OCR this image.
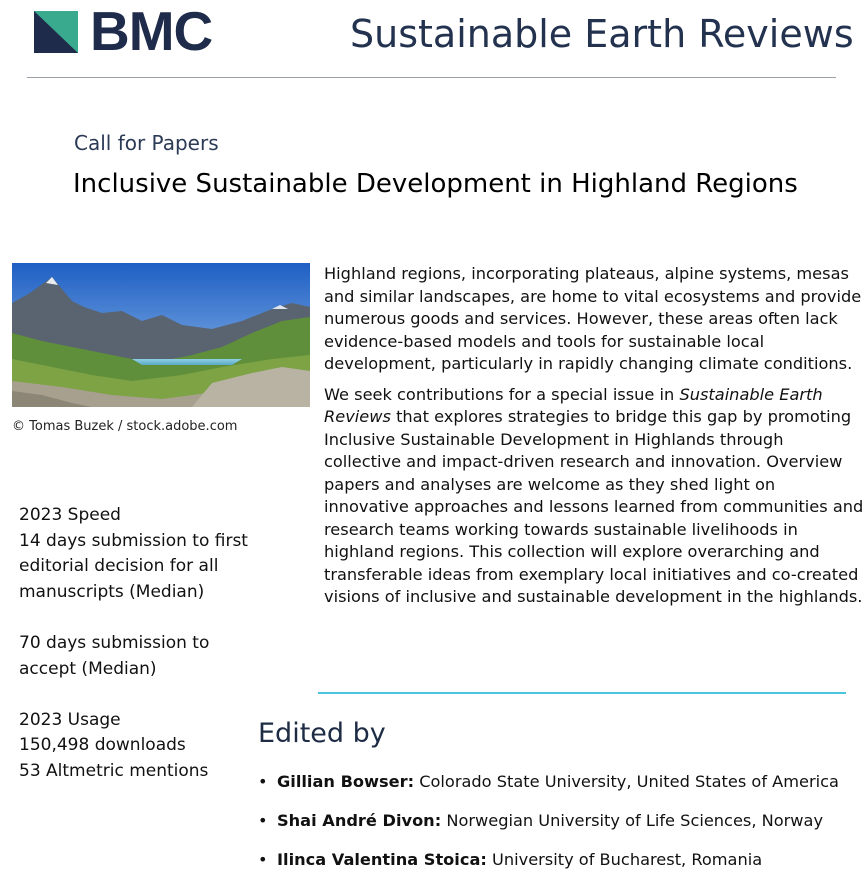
BMC	Sustainable Earth Reviews
Call for Papers
Inclusive Sustainable Development in Highland Regions
© Tomas Buzek / stock.adobe.com

Highland regions, incorporating plateaus, alpine systems, mesas and similar landscapes, are home to vital ecosystems and provide numerous goods and services. However, these areas often lack evidence-based models and tools for sustainable local development, particularly in rapidly changing climate conditions.

We seek contributions for a special issue in Sustainable Earth Reviews that explores strategies to bridge this gap by promoting Inclusive Sustainable Development in Highlands through collective and impact-driven research and innovation. Overview papers and analyses are welcome as they shed light on innovative approaches and lessons learned from communities and research teams working towards sustainable livelihoods in highland regions. This collection will explore overarching and transferable ideas from exemplary local initiatives and co-created visions of inclusive and sustainable development in the highlands.

2023 Speed
14 days submission to first
editorial decision for all
manuscripts (Median)
70 days submission to
accept (Median)
2023 Usage
150,498 downloads
53 Altmetric mentions
Edited by
• Gillian Bowser: Colorado State University, United States of America
• Shai André Divon: Norwegian University of Life Sciences, Norway
• Ilinca Valentina Stoica: University of Bucharest, Romania
